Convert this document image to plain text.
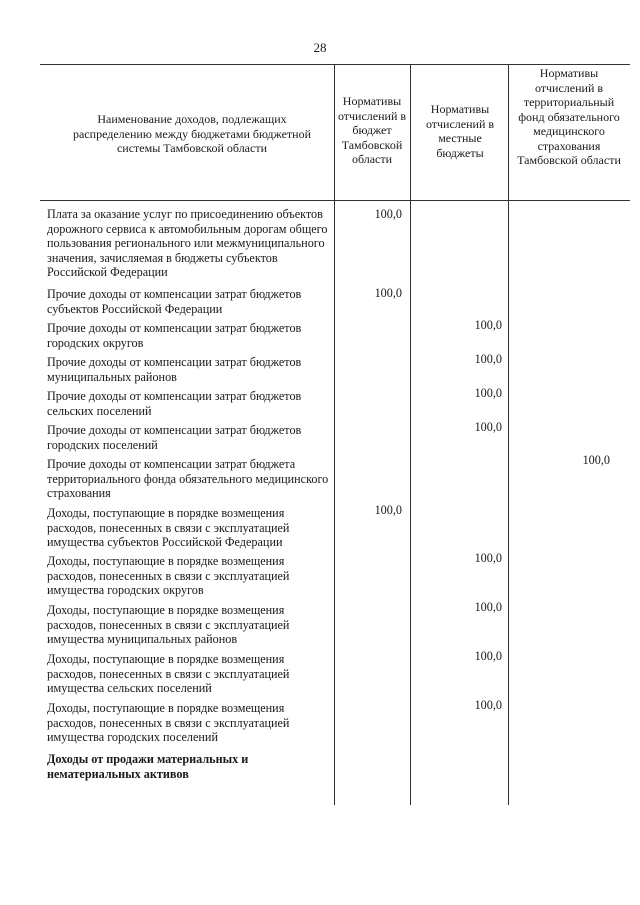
28
Наименование доходов, подлежащих распределению между бюджетами бюджетной системы Тамбовской области
Нормативы отчислений в бюджет Тамбовской области
Нормативы отчислений в местные бюджеты
Нормативы отчислений в территориальный фонд обязательного медицинского страхования Тамбовской области
Плата за оказание услуг по присоединению объектов дорожного сервиса к автомобильным дорогам общего пользования регионального или межмуниципального значения, зачисляемая в бюджеты субъектов Российской Федерации
100,0
Прочие доходы от компенсации затрат бюджетов субъектов Российской Федерации
100,0
Прочие доходы от компенсации затрат бюджетов городских округов
100,0
Прочие доходы от компенсации затрат бюджетов муниципальных районов
100,0
Прочие доходы от компенсации затрат бюджетов сельских поселений
100,0
Прочие доходы от компенсации затрат бюджетов городских поселений
100,0
Прочие доходы от компенсации затрат бюджета территориального фонда обязательного медицинского страхования
100,0
Доходы, поступающие в порядке возмещения расходов, понесенных в связи с эксплуатацией имущества субъектов Российской Федерации
100,0
Доходы, поступающие в порядке возмещения расходов, понесенных в связи с эксплуатацией имущества городских округов
100,0
Доходы, поступающие в порядке возмещения расходов, понесенных в связи с эксплуатацией имущества муниципальных районов
100,0
Доходы, поступающие в порядке возмещения расходов, понесенных в связи с эксплуатацией имущества сельских поселений
100,0
Доходы, поступающие в порядке возмещения расходов, понесенных в связи с эксплуатацией имущества городских поселений
100,0
Доходы от продажи материальных и нематериальных активов
